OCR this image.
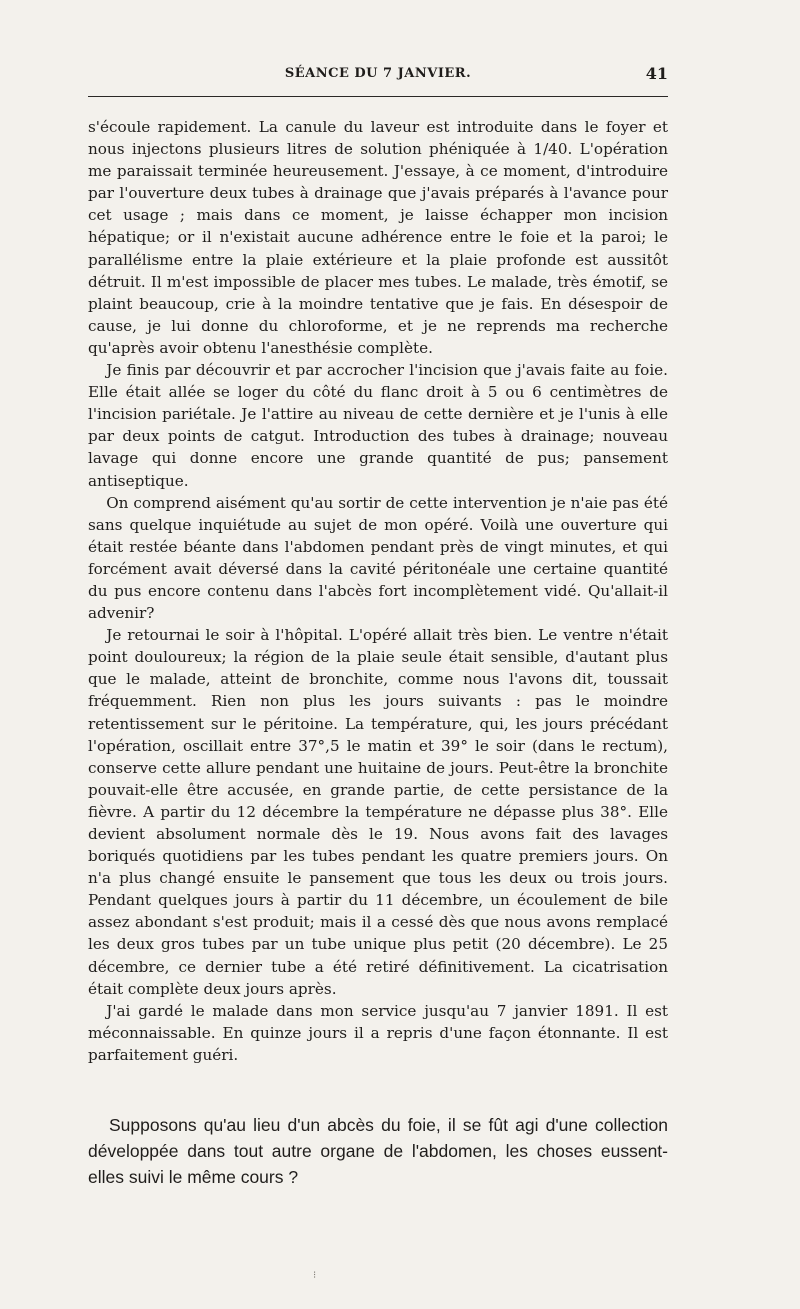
SÉANCE DU 7 JANVIER.	41

s'écoule rapidement. La canule du laveur est introduite dans le foyer et nous injectons plusieurs litres de solution phéniquée à 1/40. L'opération me paraissait terminée heureusement. J'essaye, à ce moment, d'introduire par l'ouverture deux tubes à drainage que j'avais préparés à l'avance pour cet usage ; mais dans ce moment, je laisse échapper mon incision hépatique; or il n'existait aucune adhérence entre le foie et la paroi; le parallélisme entre la plaie extérieure et la plaie profonde est aussitôt détruit. Il m'est impossible de placer mes tubes. Le malade, très émotif, se plaint beaucoup, crie à la moindre tentative que je fais. En désespoir de cause, je lui donne du chloroforme, et je ne reprends ma recherche qu'après avoir obtenu l'anesthésie complète.

Je finis par découvrir et par accrocher l'incision que j'avais faite au foie. Elle était allée se loger du côté du flanc droit à 5 ou 6 centimètres de l'incision pariétale. Je l'attire au niveau de cette dernière et je l'unis à elle par deux points de catgut. Introduction des tubes à drainage; nouveau lavage qui donne encore une grande quantité de pus; pansement antiseptique.

On comprend aisément qu'au sortir de cette intervention je n'aie pas été sans quelque inquiétude au sujet de mon opéré. Voilà une ouverture qui était restée béante dans l'abdomen pendant près de vingt minutes, et qui forcément avait déversé dans la cavité péritonéale une certaine quantité du pus encore contenu dans l'abcès fort incomplètement vidé. Qu'allait-il advenir?

Je retournai le soir à l'hôpital. L'opéré allait très bien. Le ventre n'était point douloureux; la région de la plaie seule était sensible, d'autant plus que le malade, atteint de bronchite, comme nous l'avons dit, toussait fréquemment. Rien non plus les jours suivants : pas le moindre retentissement sur le péritoine. La température, qui, les jours précédant l'opération, oscillait entre 37°,5 le matin et 39° le soir (dans le rectum), conserve cette allure pendant une huitaine de jours. Peut-être la bronchite pouvait-elle être accusée, en grande partie, de cette persistance de la fièvre. A partir du 12 décembre la température ne dépasse plus 38°. Elle devient absolument normale dès le 19. Nous avons fait des lavages boriqués quotidiens par les tubes pendant les quatre premiers jours. On n'a plus changé ensuite le pansement que tous les deux ou trois jours. Pendant quelques jours à partir du 11 décembre, un écoulement de bile assez abondant s'est produit; mais il a cessé dès que nous avons remplacé les deux gros tubes par un tube unique plus petit (20 décembre). Le 25 décembre, ce dernier tube a été retiré définitivement. La cicatrisation était complète deux jours après.

J'ai gardé le malade dans mon service jusqu'au 7 janvier 1891. Il est méconnaissable. En quinze jours il a repris d'une façon étonnante. Il est parfaitement guéri.

Supposons qu'au lieu d'un abcès du foie, il se fût agi d'une collection développée dans tout autre organe de l'abdomen, les choses eussent-elles suivi le même cours ?

⁝
